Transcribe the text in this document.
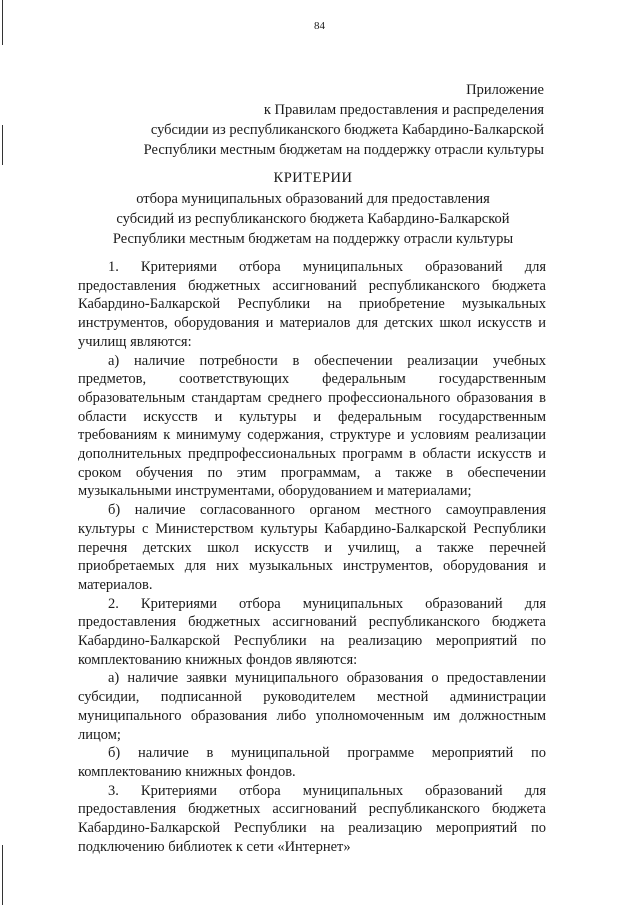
84
Приложение
к Правилам предоставления и распределения
субсидии из республиканского бюджета Кабардино-Балкарской
Республики местным бюджетам на поддержку отрасли культуры
КРИТЕРИИ
отбора муниципальных образований для предоставления
субсидий из республиканского бюджета Кабардино-Балкарской
Республики местным бюджетам на поддержку отрасли культуры

1. Критериями отбора муниципальных образований для предоставления бюджетных ассигнований республиканского бюджета Кабардино-Балкарской Республики на приобретение музыкальных инструментов, оборудования и материалов для детских школ искусств и училищ являются:

а) наличие потребности в обеспечении реализации учебных предметов, соответствующих федеральным государственным образовательным стандартам среднего профессионального образования в области искусств и культуры и федеральным государственным требованиям к минимуму содержания, структуре и условиям реализации дополнительных предпрофессиональных программ в области искусств и сроком обучения по этим программам, а также в обеспечении музыкальными инструментами, оборудованием и материалами;

б) наличие согласованного органом местного самоуправления культуры с Министерством культуры Кабардино-Балкарской Республики перечня детских школ искусств и училищ, а также перечней приобретаемых для них музыкальных инструментов, оборудования и материалов.

2. Критериями отбора муниципальных образований для предоставления бюджетных ассигнований республиканского бюджета Кабардино-Балкарской Республики на реализацию мероприятий по комплектованию книжных фондов являются:

а) наличие заявки муниципального образования о предоставлении субсидии, подписанной руководителем местной администрации муниципального образования либо уполномоченным им должностным лицом;

б) наличие в муниципальной программе мероприятий по комплектованию книжных фондов.

3. Критериями отбора муниципальных образований для предоставления бюджетных ассигнований республиканского бюджета Кабардино-Балкарской Республики на реализацию мероприятий по подключению библиотек к сети «Интернет»
